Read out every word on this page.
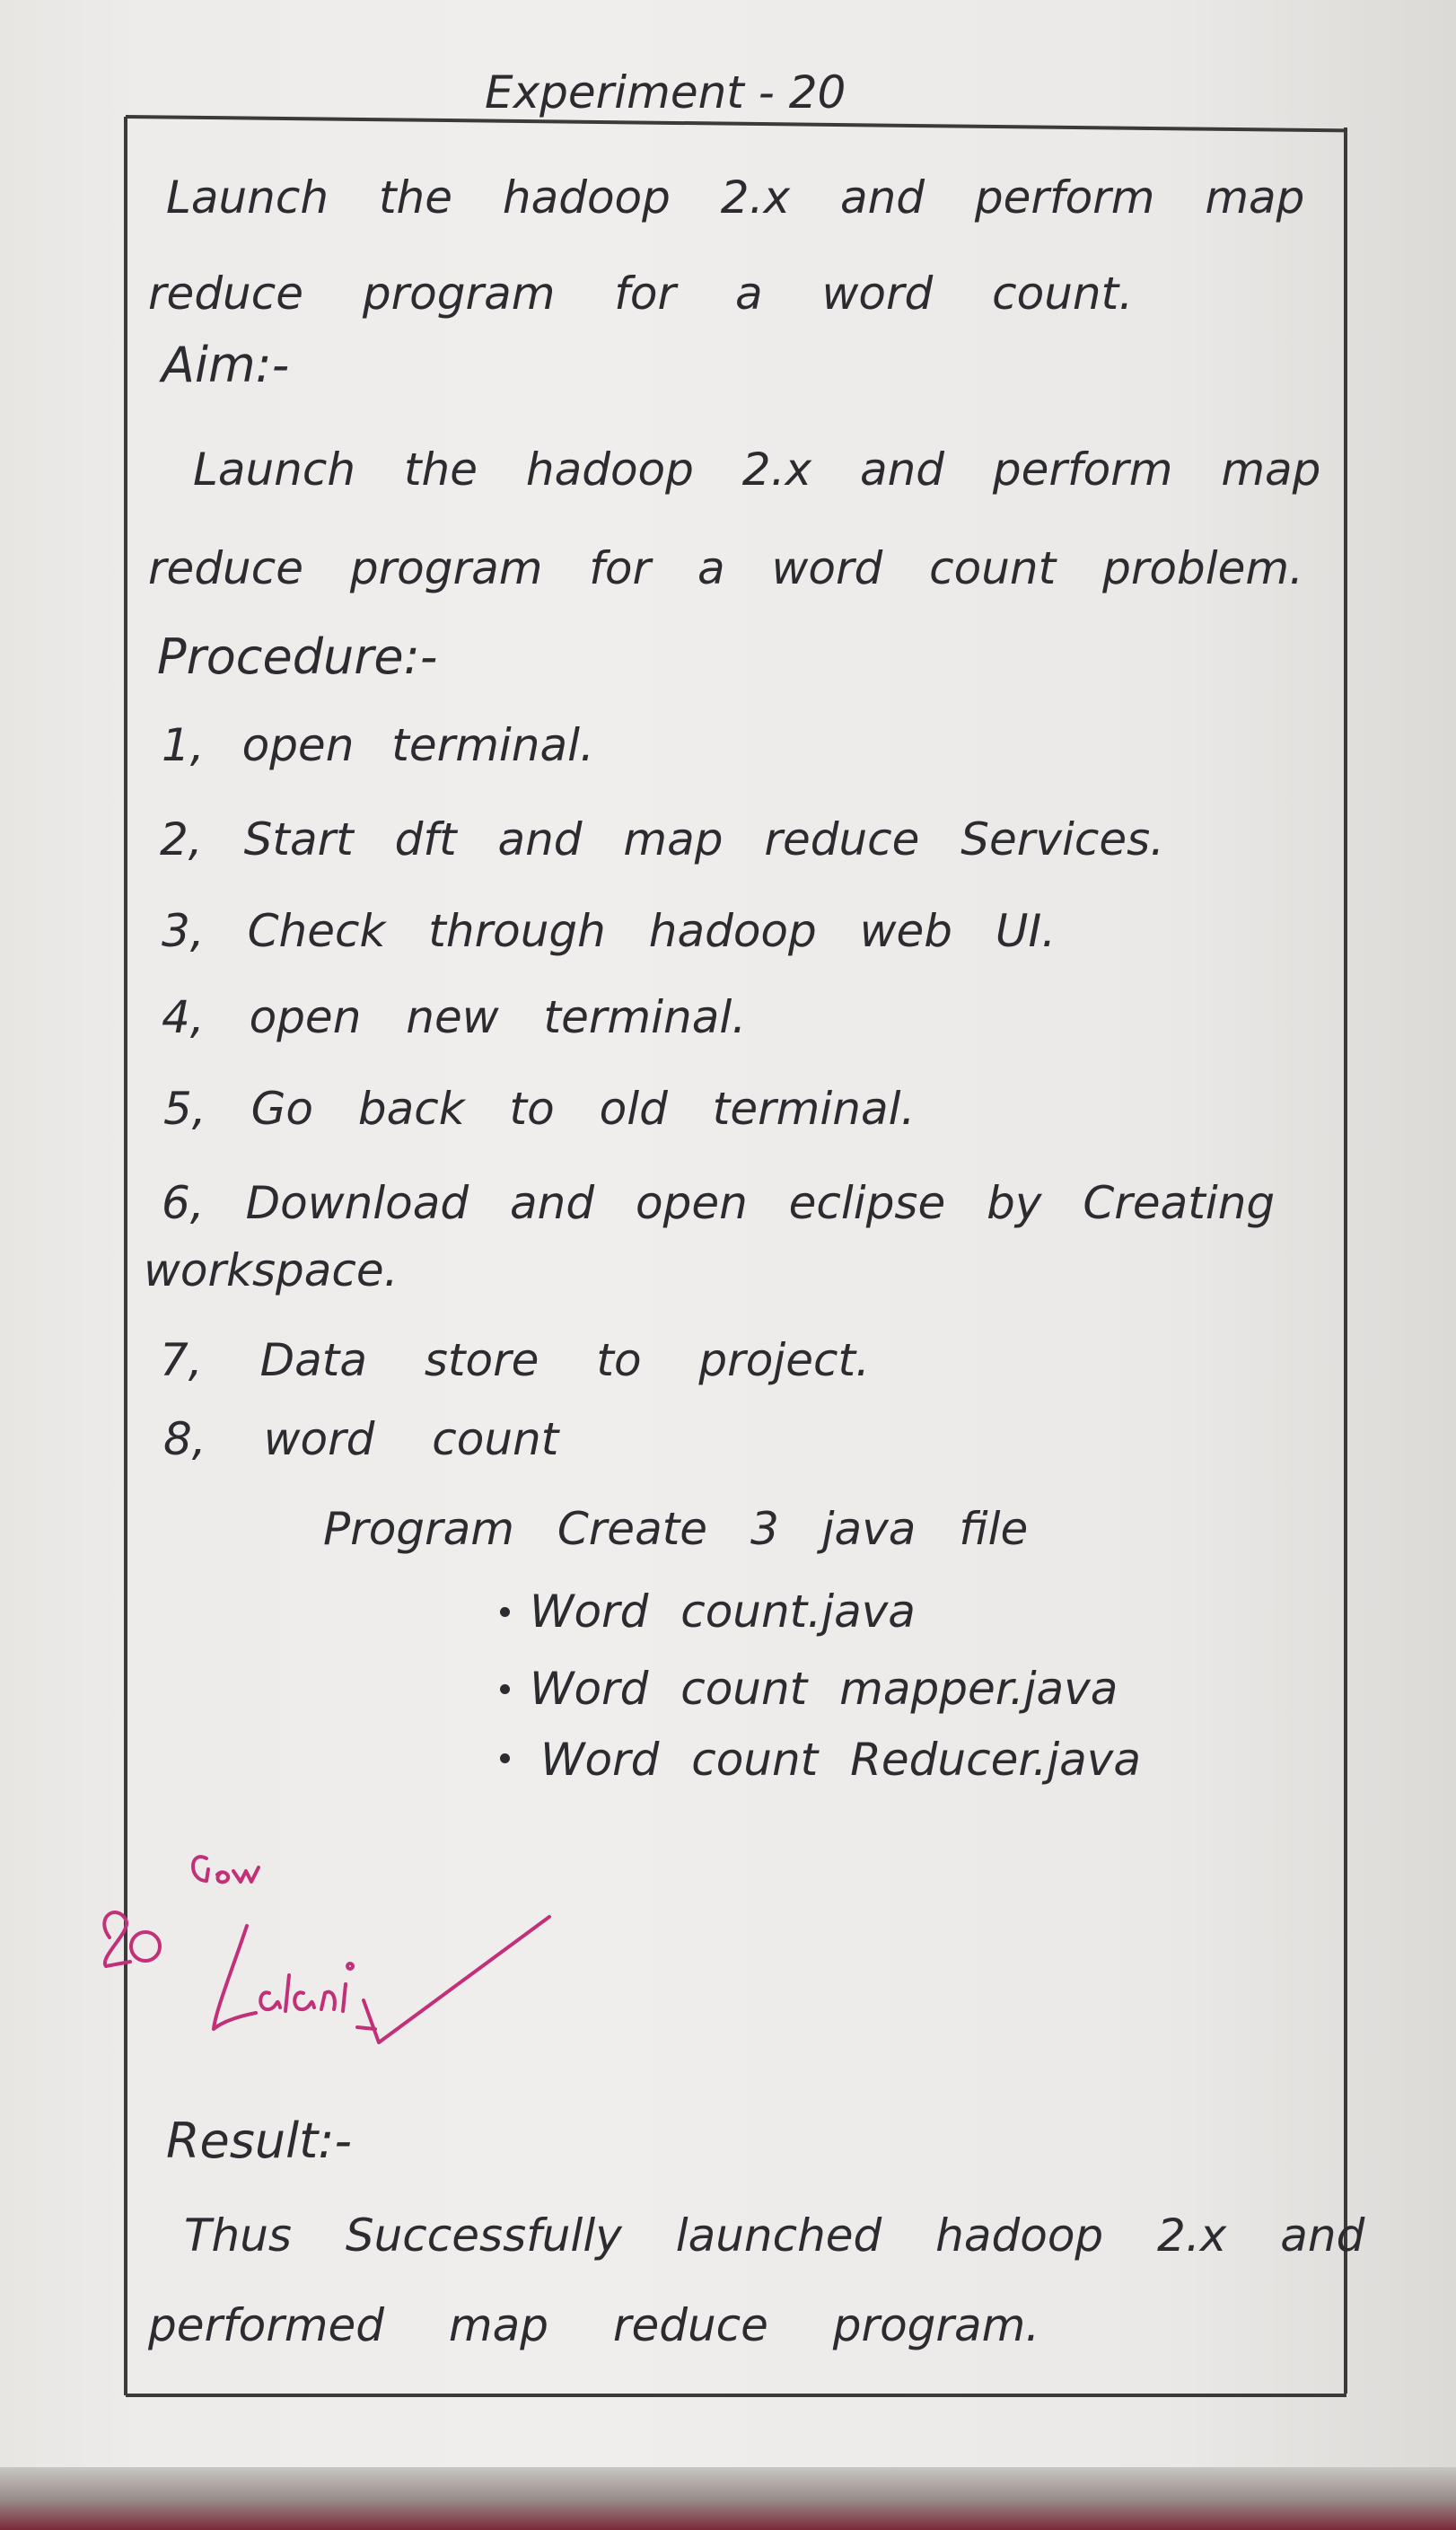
Experiment - 20
Launch the hadoop 2.x and perform map
reduce program for a word count.
Aim:-
Launch the hadoop 2.x and perform map
reduce program for a word count problem.
Procedure:-
1, open terminal.
2, Start dft and map reduce Services.
3, Check through hadoop web UI.
4, open new terminal.
5, Go back to old terminal.
6, Download and open eclipse by Creating
workspace.
7, Data store to project.
8, word count
Program Create 3 java file
Word count.java
Word count mapper.java
Word count Reducer.java
Result:-
Thus Successfully launched hadoop 2.x and
performed map reduce program.
